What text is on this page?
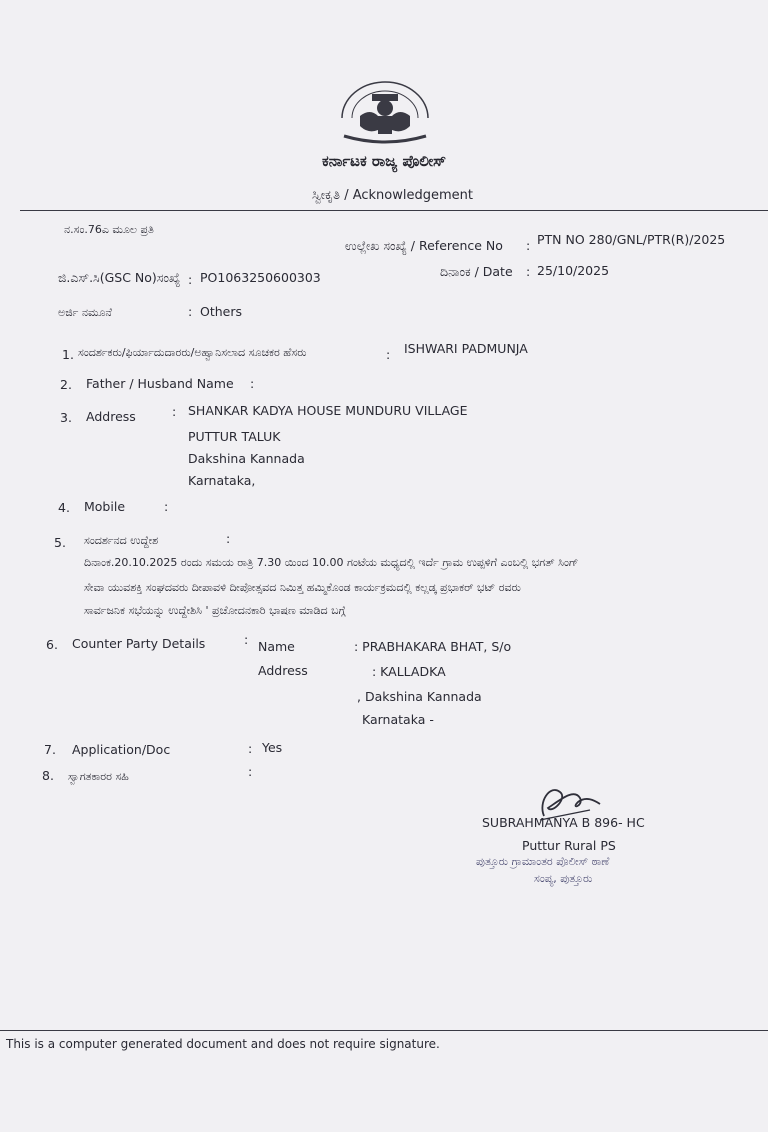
ಕರ್ನಾಟಕ ರಾಜ್ಯ ಪೊಲೀಸ್
ಸ್ವೀಕೃತಿ / Acknowledgement
ನ.ಸಂ.76ಎ ಮೂಲ ಪ್ರತಿ
ಉಲ್ಲೇಖ ಸಂಖ್ಯೆ / Reference No : PTN NO 280/GNL/PTR(R)/2025
ಜಿ.ಎಸ್.ಸಿ(GSC No)ಸಂಖ್ಯೆ : PO1063250600303	ದಿನಾಂಕ / Date : 25/10/2025
ಅರ್ಜಿ ನಮೂನೆ	: Others
1. ಸಂದರ್ಶಕರು/ಫಿರ್ಯಾದುದಾರರು/ಅಹ್ವಾನಿಸಲಾದ ಸೂಚಕರ ಹೆಸರು	: ISHWARI PADMUNJA
2. Father / Husband Name :
3. Address	: SHANKAR KADYA HOUSE MUNDURU VILLAGE
PUTTUR TALUK
Dakshina Kannada
Karnataka,
4. Mobile	:
5. ಸಂದರ್ಶನದ ಉದ್ದೇಶ	:
ದಿನಾಂಕ.20.10.2025 ರಂದು ಸಮಯ ರಾತ್ರಿ 7.30 ಯಿಂದ 10.00 ಗಂಟೆಯ ಮಧ್ಯದಲ್ಲಿ ಇರ್ದೆ ಗ್ರಾಮ ಉಪ್ಪಳಿಗೆ ಎಂಬಲ್ಲಿ ಭಗತ್ ಸಿಂಗ್
ಸೇವಾ ಯುವಶಕ್ತಿ ಸಂಘದವರು ದೀಪಾವಳಿ ದೀಪೋತ್ಸವದ ನಿಮಿತ್ತ ಹಮ್ಮಿಕೊಂಡ ಕಾರ್ಯಕ್ರಮದಲ್ಲಿ ಕಲ್ಲಡ್ಕ ಪ್ರಭಾಕರ್ ಭಟ್ ರವರು
ಸಾರ್ವಜನಿಕ ಸಭೆಯನ್ನು ಉದ್ದೇಶಿಸಿ ' ಪ್ರಚೋದನಕಾರಿ ಭಾಷಣ ಮಾಡಿದ ಬಗ್ಗೆ
6. Counter Party Details	: Name	: PRABHAKARA BHAT, S/o
Address	: KALLADKA
, Dakshina Kannada
Karnataka -
7. Application/Doc	: Yes
8. ಸ್ವಾಗತಕಾರರ ಸಹಿ	:
SUBRAHMANYA B 896- HC
Puttur Rural PS
ಪುತ್ತೂರು ಗ್ರಾಮಾಂತರ ಪೊಲೀಸ್ ಠಾಣೆ
ಸಂಪ್ಯ, ಪುತ್ತೂರು
This is a computer generated document and does not require signature.
